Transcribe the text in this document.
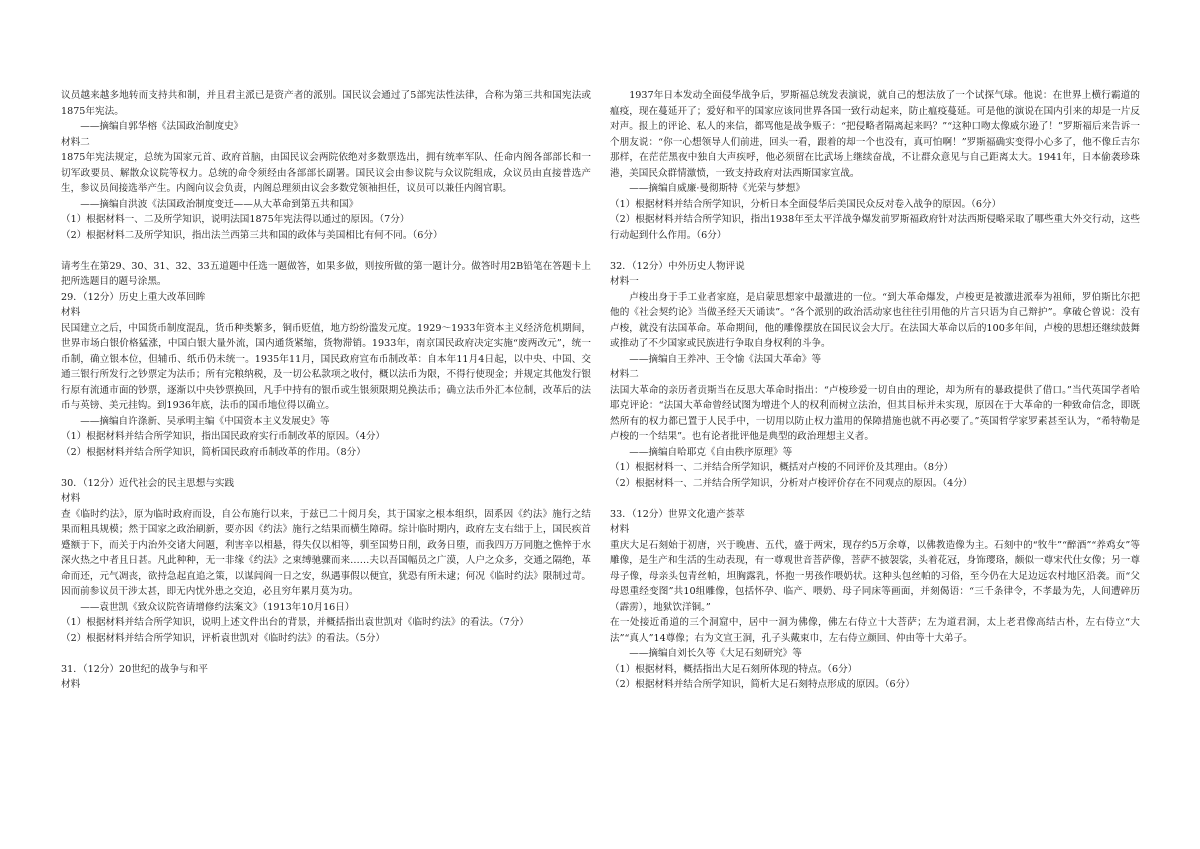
议员越来越多地转而支持共和制，并且君主派已是资产者的派别。国民议会通过了5部宪法性法律，合称为第三共和国宪法或1875年宪法。

——摘编自郭华榕《法国政治制度史》

材料二

1875年宪法规定，总统为国家元首、政府首脑，由国民议会两院依绝对多数票选出，拥有统率军队、任命内阁各部部长和一切军政要员、解散众议院等权力。总统的命令须经由各部部长副署。国民议会由参议院与众议院组成，众议员由直接普选产生，参议员间接选举产生。内阁向议会负责，内阁总理须由议会多数党领袖担任，议员可以兼任内阁官职。

——摘编自洪波《法国政治制度变迁——从大革命到第五共和国》

（1）根据材料一、二及所学知识，说明法国1875年宪法得以通过的原因。（7分）

（2）根据材料二及所学知识，指出法兰西第三共和国的政体与美国相比有何不同。（6分）

请考生在第29、30、31、32、33五道题中任选一题做答，如果多做，则按所做的第一题计分。做答时用2B铅笔在答题卡上把所选题目的题号涂黑。

29．（12分）历史上重大改革回眸

材料

民国建立之后，中国货币制度混乱，货币种类繁多，铜币贬值，地方纷纷滥发元度。1929～1933年资本主义经济危机期间，世界市场白银价格猛涨，中国白银大量外流，国内通货紧缩，货物滞销。1933年，南京国民政府决定实施“废两改元”，统一币制，确立银本位，但辅币、纸币仍未统一。1935年11月，国民政府宣布币制改革：自本年11月4日起，以中央、中国、交通三银行所发行之钞票定为法币；所有完粮纳税，及一切公私款项之收付，概以法币为限，不得行使现金；并规定其他发行银行原有流通市面的钞票，逐渐以中央钞票换回，凡手中持有的银币或生银须限期兑换法币；确立法币外汇本位制，改革后的法币与英镑、美元挂钩。到1936年底，法币的国币地位得以确立。

——摘编自许涤新、吴承明主编《中国资本主义发展史》等

（1）根据材料并结合所学知识，指出国民政府实行币制改革的原因。（4分）

（2）根据材料并结合所学知识，简析国民政府币制改革的作用。（8分）

30．（12分）近代社会的民主思想与实践

材料

查《临时约法》，原为临时政府而设，自公布施行以来，于兹已二十阅月矣，其于国家之根本组织，固系因《约法》施行之结果而粗具规模；然于国家之政治刷新，要亦因《约法》施行之结果而横生障碍。综计临时期内，政府左支右绌于上，国民疾首蹙额于下，而关于内治外交诸大问题，利害辛以相悬，得失仅以相等，驯至国势日削，政务日堕，而我四万万同胞之憔悴于水深火热之中者且日甚。凡此种种，无一非缘《约法》之束缚驰骤而来……夫以吾国幅员之广漠，人户之众多，交通之隔绝，革命而还，元气凋丧，欲持急起直追之策，以谋闾阎一日之安，纵遇事假以便宜，犹恐有所未逮；何况《临时约法》限制过苛。因而前参议员干涉太甚，即无内忧外患之交迫，必且穷年累月莫为功。

——袁世凯《致众议院咨请增修约法案文》（1913年10月16日）

（1）根据材料并结合所学知识，说明上述文件出台的背景，并概括指出袁世凯对《临时约法》的看法。（7分）

（2）根据材料并结合所学知识，评析袁世凯对《临时约法》的看法。（5分）

31．（12分）20世纪的战争与和平

材料

1937年日本发动全面侵华战争后，罗斯福总统发表演说，就自己的想法放了一个试探气球。他说：在世界上横行霸道的瘟疫，现在蔓延开了；爱好和平的国家应该同世界各国一致行动起来，防止瘟疫蔓延。可是他的演说在国内引来的却是一片反对声。报上的评论、私人的来信，都骂他是战争贩子：“把侵略者隔离起来吗？”“这种口吻太像威尔逊了！”罗斯福后来告诉一个朋友说：“你一心想领导人们前进，回头一看，跟着的却一个也没有，真可怕啊！”罗斯福确实变得小心多了，他不像丘吉尔那样，在茫茫黑夜中独自大声疾呼，他必须留在比武场上继续奋战，不让群众意见与自己距离太大。1941年，日本偷袭珍珠港，美国民众群情激愤，一致支持政府对法西斯国家宣战。

——摘编自威廉·曼彻斯特《光荣与梦想》

（1）根据材料并结合所学知识，分析日本全面侵华后美国民众反对卷入战争的原因。（6分）

（2）根据材料并结合所学知识，指出1938年至太平洋战争爆发前罗斯福政府针对法西斯侵略采取了哪些重大外交行动，这些行动起到什么作用。（6分）

32．（12分）中外历史人物评说

材料一

卢梭出身于手工业者家庭，是启蒙思想家中最激进的一位。“到大革命爆发，卢梭更是被激进派奉为祖师，罗伯斯比尔把他的《社会契约论》当做圣经天天诵读”。“各个派别的政治活动家也往往引用他的片言只语为自己辩护”。拿破仑曾说：没有卢梭，就没有法国革命。革命期间，他的雕像摆放在国民议会大厅。在法国大革命以后的100多年间，卢梭的思想还继续鼓舞或推动了不少国家或民族进行争取自身权利的斗争。

——摘编自王养冲、王令愉《法国大革命》等

材料二

法国大革命的亲历者贡斯当在反思大革命时指出：“卢梭珍爱一切自由的理论，却为所有的暴政提供了借口。”当代英国学者哈耶克评论：“法国大革命曾经试图为增进个人的权利而树立法治，但其目标并未实现，原因在于大革命的一种致命信念，即既然所有的权力都已置于人民手中，一切用以防止权力滥用的保障措施也就不再必要了。”英国哲学家罗素甚至认为，“希特勒是卢梭的一个结果”。也有论者批评他是典型的政治理想主义者。

——摘编自哈耶克《自由秩序原理》等

（1）根据材料一、二并结合所学知识，概括对卢梭的不同评价及其理由。（8分）

（2）根据材料一、二并结合所学知识，分析对卢梭评价存在不同观点的原因。（4分）

33．（12分）世界文化遗产荟萃

材料

重庆大足石刻始于初唐，兴于晚唐、五代，盛于两宋，现存约5万余尊，以佛教造像为主。石刻中的“牧牛”“醉酒”“养鸡女”等雕像，是生产和生活的生动表现，有一尊观世音菩萨像，菩萨不披袈裟，头着花冠，身饰璎珞，颇似一尊宋代仕女像；另一尊母子像，母亲头包青丝帕，坦胸露乳，怀抱一男孩作喂奶状。这种头包丝帕的习俗，至今仍在大足边远农村地区沿袭。而“父母恩重经变图”共10组雕像，包括怀孕、临产、喂奶、母子同床等画面，并刻偈语：“三千条律令，不孝最为先，人间遭碎历（霹雳），地狱饮洋铜。”

在一处接近甬道的三个洞窟中，居中一洞为佛像，佛左右侍立十大菩萨；左为道君洞，太上老君像高结古朴，左右侍立“大法”“真人”14尊像；右为文宣王洞，孔子头戴束巾，左右侍立颜回、仲由等十大弟子。

——摘编自刘长久等《大足石刻研究》等

（1）根据材料，概括指出大足石刻所体现的特点。（6分）

（2）根据材料并结合所学知识，简析大足石刻特点形成的原因。（6分）
